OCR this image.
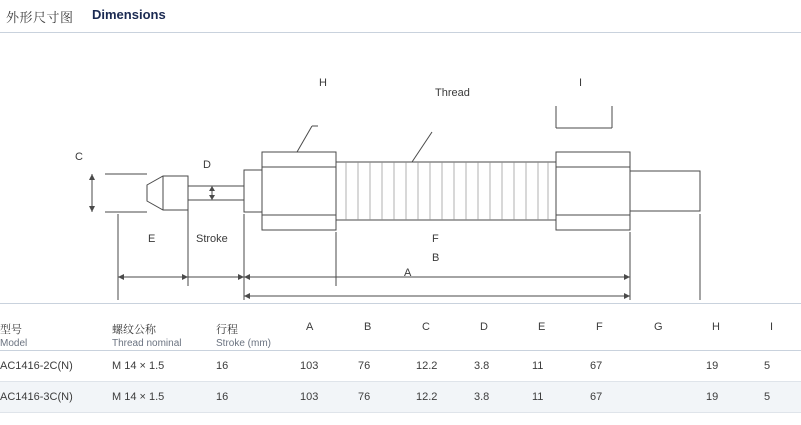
外形尺寸图 Dimensions
H	I
Thread
C
D
E	Stroke	F
B
A
型号
Model	螺纹公称
Thread nominal	行程
Stroke (mm)	A	B	C	D	E	F	G	H	I

AC1416-2C(N)	M 14 × 1.5	16	103	76	12.2	3.8	11	67		19	5
AC1416-3C(N)	M 14 × 1.5	16	103	76	12.2	3.8	11	67		19	5
